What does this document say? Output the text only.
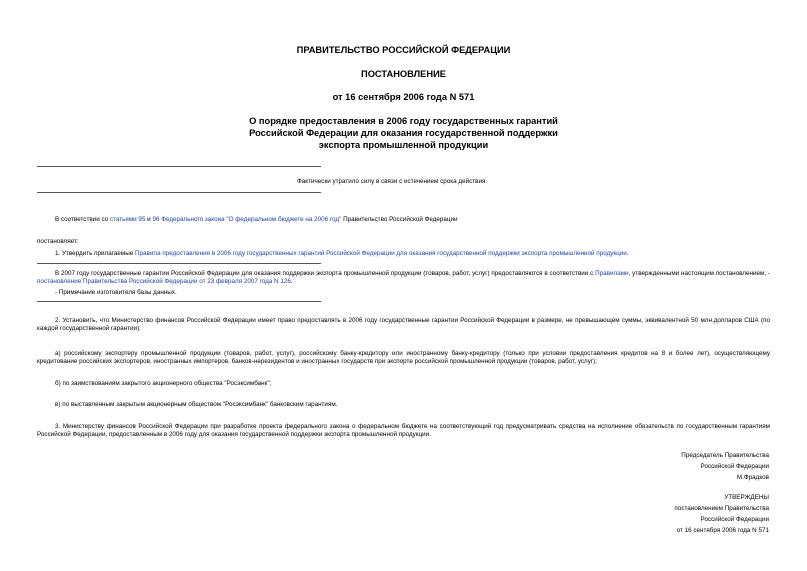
ПРАВИТЕЛЬСТВО РОССИЙСКОЙ ФЕДЕРАЦИИ
ПОСТАНОВЛЕНИЕ
от 16 сентября 2006 года N 571
О порядке предоставления в 2006 году государственных гарантий
Российской Федерации для оказания государственной поддержки
экспорта промышленной продукции
Фактически утратило силу в связи с истечением срока действия
В соответствии со статьями 95 и 96 Федерального закона "О федеральном бюджете на 2006 год" Правительство Российской Федерации
постановляет:
1. Утвердить прилагаемые Правила предоставления в 2006 году государственных гарантий Российской Федерации для оказания государственной поддержки экспорта промышленной продукции.
В 2007 году государственные гарантии Российской Федерации для оказания поддержки экспорта промышленной продукции (товаров, работ, услуг) предоставляются в соответствии с Правилами, утвержденными настоящим постановлением, - постановление Правительства Российской Федерации от 23 февраля 2007 года N 126.
- Примечание изготовителя базы данных.
2. Установить, что Министерство финансов Российской Федерации имеет право предоставлять в 2006 году государственные гарантии Российской Федерации в размере, не превышающем суммы, эквивалентной 50 млн.долларов США (по каждой государственной гарантии):
а) российскому экспортеру промышленной продукции (товаров, работ, услуг), российскому банку-кредитору или иностранному банку-кредитору (только при условии предоставления кредитов на 8 и более лет), осуществляющему кредитование российских экспортеров, иностранных импортеров, банков-нерезидентов и иностранных государств при экспорте российской промышленной продукции (товаров, работ, услуг);
б) по заимствованиям закрытого акционерного общества "Росэксимбанк";
в) по выставленным закрытым акционерным обществом "Росэксимбанк" банковским гарантиям.
3. Министерству финансов Российской Федерации при разработке проекта федерального закона о федеральном бюджете на соответствующий год предусматривать средства на исполнение обязательств по государственным гарантиям Российской Федерации, предоставленным в 2006 году для оказания государственной поддержки экспорта промышленной продукции.
Председатель Правительства
Российской Федерации
М.Фрадков
УТВЕРЖДЕНЫ
постановлением Правительства
Российской Федерации
от 16 сентября 2006 года N 571
